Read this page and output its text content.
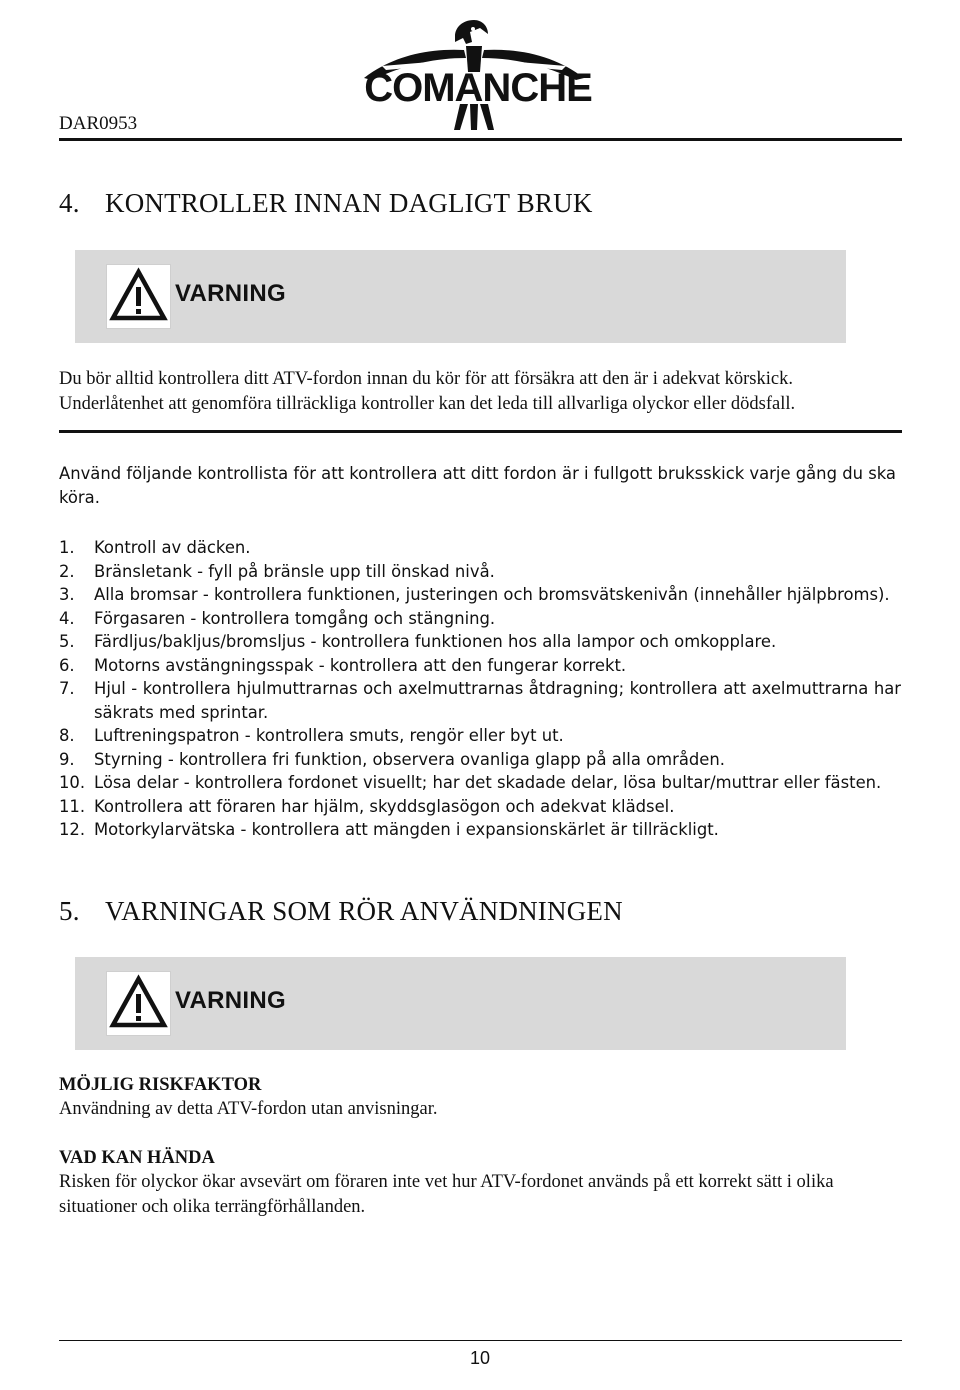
DAR0953
COMANCHE
4. KONTROLLER INNAN DAGLIGT BRUK
VARNING
Du bör alltid kontrollera ditt ATV-fordon innan du kör för att försäkra att den är i adekvat körskick. Underlåtenhet att genomföra tillräckliga kontroller kan det leda till allvarliga olyckor eller dödsfall.
Använd följande kontrollista för att kontrollera att ditt fordon är i fullgott bruksskick varje gång du ska köra.
1. Kontroll av däcken.
2. Bränsletank - fyll på bränsle upp till önskad nivå.
3. Alla bromsar - kontrollera funktionen, justeringen och bromsvätskenivån (innehåller hjälpbroms).
4. Förgasaren - kontrollera tomgång och stängning.
5. Färdljus/bakljus/bromsljus - kontrollera funktionen hos alla lampor och omkopplare.
6. Motorns avstängningsspak - kontrollera att den fungerar korrekt.
7. Hjul - kontrollera hjulmuttrarnas och axelmuttrarnas åtdragning; kontrollera att axelmuttrarna har säkrats med sprintar.
8. Luftreningspatron - kontrollera smuts, rengör eller byt ut.
9. Styrning - kontrollera fri funktion, observera ovanliga glapp på alla områden.
10. Lösa delar - kontrollera fordonet visuellt; har det skadade delar, lösa bultar/muttrar eller fästen.
11. Kontrollera att föraren har hjälm, skyddsglasögon och adekvat klädsel.
12. Motorkylarvätska - kontrollera att mängden i expansionskärlet är tillräckligt.
5. VARNINGAR SOM RÖR ANVÄNDNINGEN
VARNING
MÖJLIG RISKFAKTOR
Användning av detta ATV-fordon utan anvisningar.
VAD KAN HÄNDA
Risken för olyckor ökar avsevärt om föraren inte vet hur ATV-fordonet används på ett korrekt sätt i olika situationer och olika terrängförhållanden.
10
